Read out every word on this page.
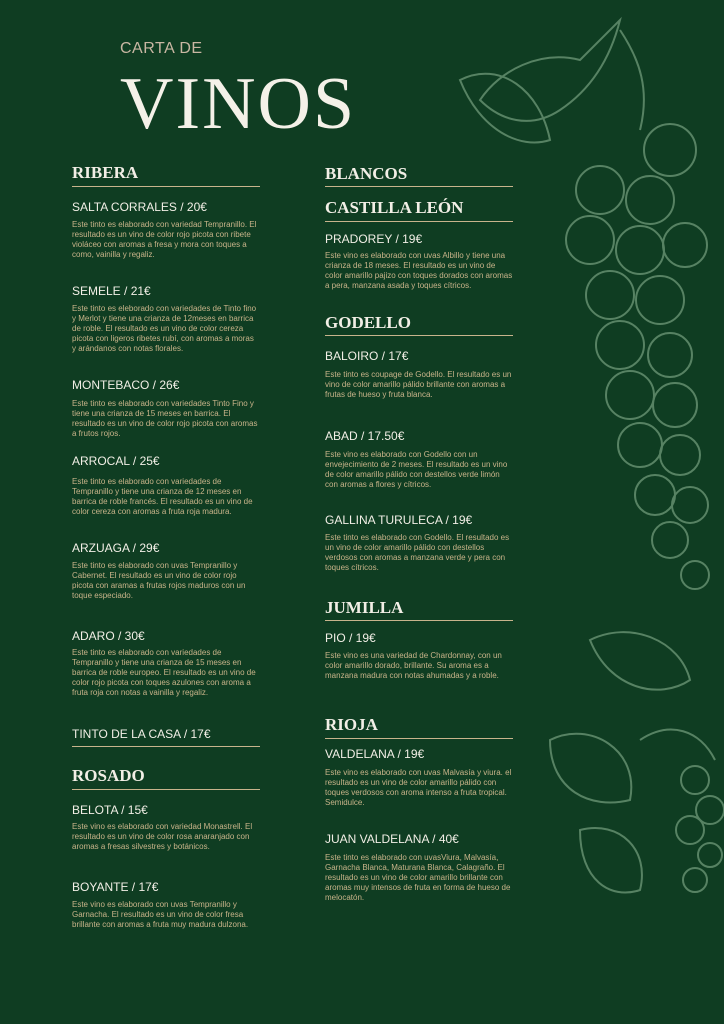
CARTA DE
VINOS
RIBERA
SALTA CORRALES / 20€
Este tinto es elaborado con variedad Tempranillo. El resultado es un vino de color rojo picota con ribete violáceo con aromas a fresa y mora con toques a como, vainilla y regaliz.
SEMELE / 21€
Este tinto es eleborado con variedades de Tinto fino y Merlot y tiene una crianza de 12meses en barrica de roble. El resultado es un vino de color cereza picota con ligeros ribetes rubí, con aromas a moras y arándanos con notas florales.
MONTEBACO / 26€
Este tinto es elaborado con variedades Tinto Fino y tiene una crianza de 15 meses en barrica. El resultado es un vino de color rojo picota con aromas a frutos rojos.
ARROCAL / 25€
Este tinto es elaborado con variedades de Tempranillo y tiene una crianza de 12 meses en barrica de roble francés. El resultado es un vino de color cereza con aromas a fruta roja madura.
ARZUAGA / 29€
Este tinto es elaborado con uvas Tempranillo y Cabernet. El resultado es un vino de color rojo picota con aramas a frutas rojos maduros con un toque especiado.
ADARO / 30€
Este tinto es elaborado con variedades de Tempranillo y tiene una crianza de 15 meses en barrica de roble europeo. El resultado es un vino de color rojo picota con toques azulones con aroma a fruta roja con notas a vainilla y regaliz.
TINTO DE LA CASA / 17€
ROSADO
BELOTA / 15€
Este vino es elaborado con variedad Monastrell. El resultado es un vino de color rosa anaranjado con aromas a fresas silvestres y botánicos.
BOYANTE / 17€
Este vino es elaborado con uvas Tempranillo y Garnacha. El resultado es un vino de color fresa brillante con aromas a fruta muy madura dulzona.
BLANCOS
CASTILLA LEÓN
PRADOREY / 19€
Este vino es elaborado con uvas Albillo y tiene una crianza de 18 meses. El resultado es un vino de color amarillo pajizo con toques dorados con aromas a pera, manzana asada y toques cítricos.
GODELLO
BALOIRO / 17€
Este tinto es coupage de Godello. El resultado es un vino de color amarillo pálido brillante con aromas a frutas de hueso y fruta blanca.
ABAD / 17.50€
Este vino es elaborado con Godello con un envejecimiento de 2 meses. El resultado es un vino de color amarillo pálido con destellos verde limón con aromas a flores y cítricos.
GALLINA TURULECA / 19€
Este tinto es elaborado con Godello. El resultado es un vino de color amarillo pálido con destellos verdosos con aromas a manzana verde y pera con toques cítricos.
JUMILLA
PIO / 19€
Este vino es una variedad de Chardonnay, con un color amarillo dorado, brillante. Su aroma es a manzana madura con notas ahumadas y a roble.
RIOJA
VALDELANA / 19€
Este vino es elaborado con uvas Malvasía y viura. el resultado es un vino de color amarillo pálido con toques verdosos con aroma intenso a fruta tropical. Semidulce.
JUAN VALDELANA / 40€
Este tinto es elaborado con uvasViura, Malvasía, Garnacha Blanca, Maturana Blanca, Calagraño. El resultado es un vino de color amarillo brillante con aromas muy intensos de fruta en forma de hueso de melocatón.
